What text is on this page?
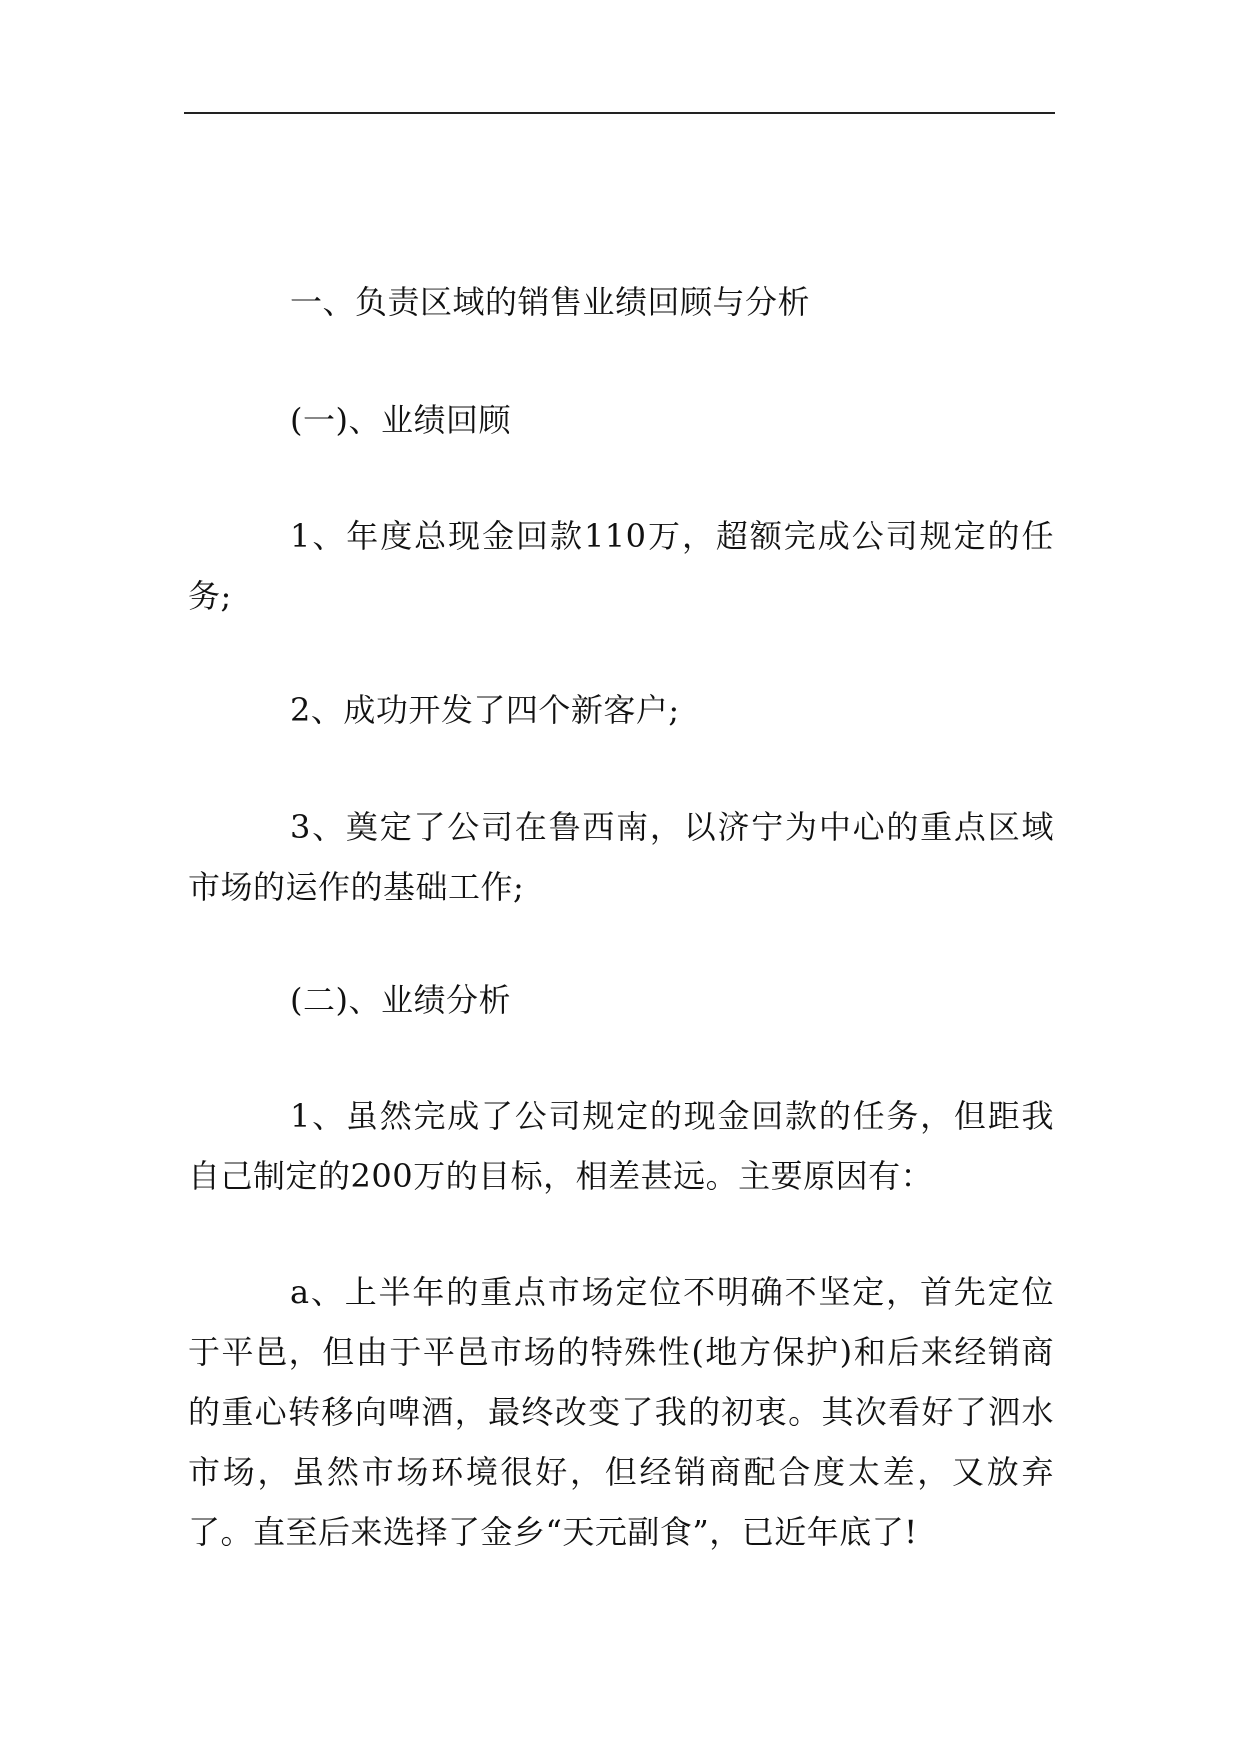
一、负责区域的销售业绩回顾与分析

(一)、业绩回顾

1、年度总现金回款110万，超额完成公司规定的任务;

2、成功开发了四个新客户;

3、奠定了公司在鲁西南，以济宁为中心的重点区域市场的运作的基础工作;

(二)、业绩分析

1、虽然完成了公司规定的现金回款的任务，但距我自己制定的200万的目标，相差甚远。主要原因有：

a、上半年的重点市场定位不明确不坚定，首先定位于平邑，但由于平邑市场的特殊性(地方保护)和后来经销商的重心转移向啤酒，最终改变了我的初衷。其次看好了泗水市场，虽然市场环境很好，但经销商配合度太差，又放弃了。直至后来选择了金乡“天元副食”，已近年底了!
